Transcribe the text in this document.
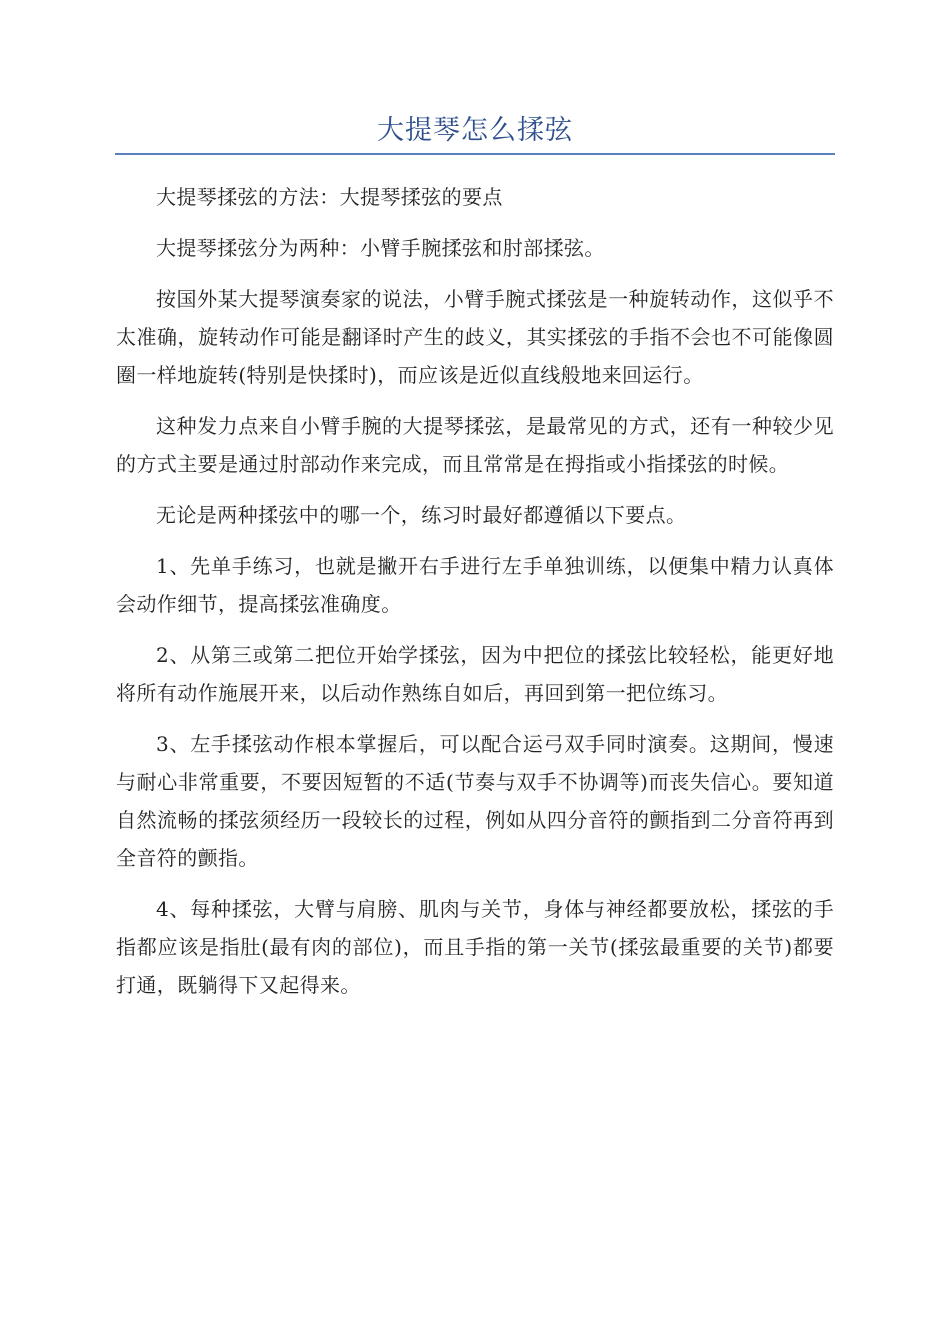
大提琴怎么揉弦

大提琴揉弦的方法：大提琴揉弦的要点

大提琴揉弦分为两种：小臂手腕揉弦和肘部揉弦。

按国外某大提琴演奏家的说法，小臂手腕式揉弦是一种旋转动作，这似乎不太准确，旋转动作可能是翻译时产生的歧义，其实揉弦的手指不会也不可能像圆圈一样地旋转(特别是快揉时)，而应该是近似直线般地来回运行。

这种发力点来自小臂手腕的大提琴揉弦，是最常见的方式，还有一种较少见的方式主要是通过肘部动作来完成，而且常常是在拇指或小指揉弦的时候。

无论是两种揉弦中的哪一个，练习时最好都遵循以下要点。

1、先单手练习，也就是撇开右手进行左手单独训练，以便集中精力认真体会动作细节，提高揉弦准确度。

2、从第三或第二把位开始学揉弦，因为中把位的揉弦比较轻松，能更好地将所有动作施展开来，以后动作熟练自如后，再回到第一把位练习。

3、左手揉弦动作根本掌握后，可以配合运弓双手同时演奏。这期间，慢速与耐心非常重要，不要因短暂的不适(节奏与双手不协调等)而丧失信心。要知道自然流畅的揉弦须经历一段较长的过程，例如从四分音符的颤指到二分音符再到全音符的颤指。

4、每种揉弦，大臂与肩膀、肌肉与关节，身体与神经都要放松，揉弦的手指都应该是指肚(最有肉的部位)，而且手指的第一关节(揉弦最重要的关节)都要打通，既躺得下又起得来。
